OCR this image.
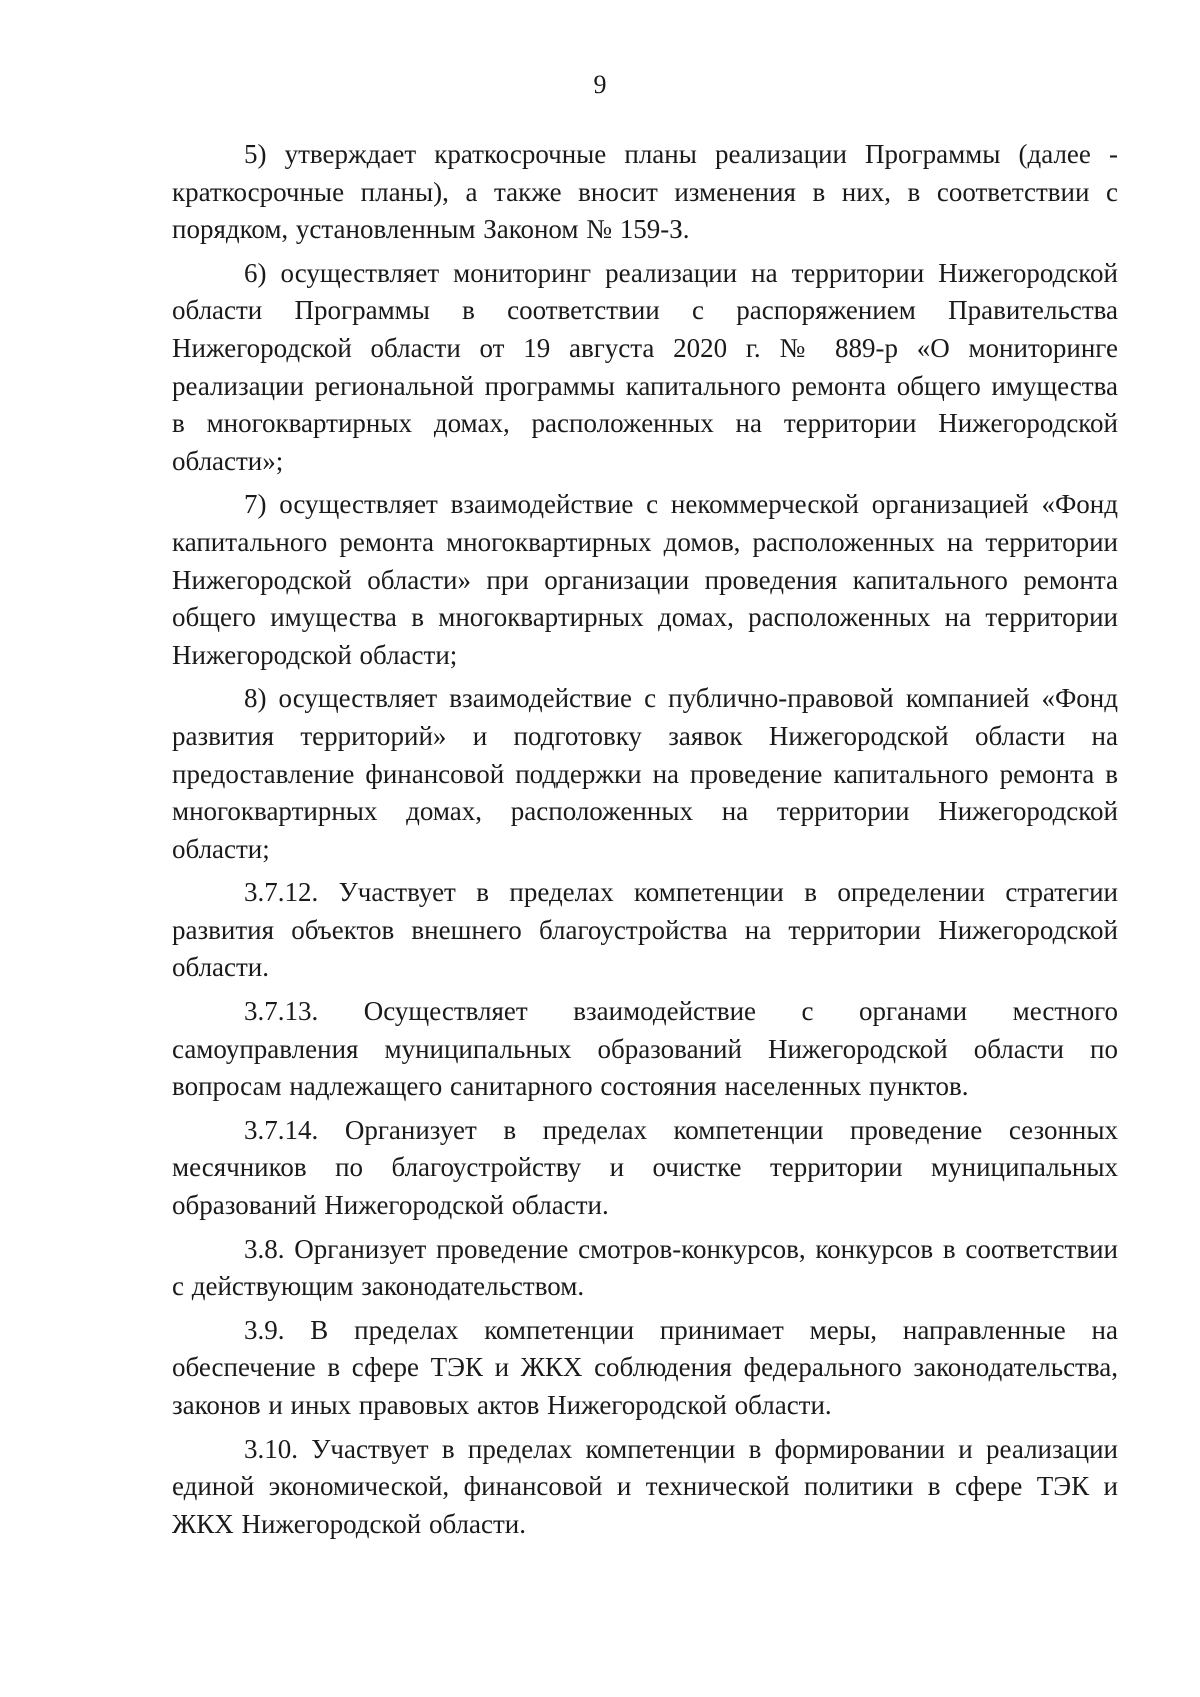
9

5) утверждает краткосрочные планы реализации Программы (далее - краткосрочные планы), а также вносит изменения в них, в соответствии с порядком, установленным Законом № 159-З.

6) осуществляет мониторинг реализации на территории Нижегородской области Программы в соответствии с распоряжением Правительства Нижегородской области от 19 августа 2020 г. № 889-р «О мониторинге реализации региональной программы капитального ремонта общего имущества в многоквартирных домах, расположенных на территории Нижегородской области»;

7) осуществляет взаимодействие с некоммерческой организацией «Фонд капитального ремонта многоквартирных домов, расположенных на территории Нижегородской области» при организации проведения капитального ремонта общего имущества в многоквартирных домах, расположенных на территории Нижегородской области;

8) осуществляет взаимодействие с публично-правовой компанией «Фонд развития территорий» и подготовку заявок Нижегородской области на предоставление финансовой поддержки на проведение капитального ремонта в многоквартирных домах, расположенных на территории Нижегородской области;

3.7.12. Участвует в пределах компетенции в определении стратегии развития объектов внешнего благоустройства на территории Нижегородской области.

3.7.13. Осуществляет взаимодействие с органами местного самоуправления муниципальных образований Нижегородской области по вопросам надлежащего санитарного состояния населенных пунктов.

3.7.14. Организует в пределах компетенции проведение сезонных месячников по благоустройству и очистке территории муниципальных образований Нижегородской области.

3.8. Организует проведение смотров-конкурсов, конкурсов в соответствии с действующим законодательством.

3.9. В пределах компетенции принимает меры, направленные на обеспечение в сфере ТЭК и ЖКХ соблюдения федерального законодательства, законов и иных правовых актов Нижегородской области.

3.10. Участвует в пределах компетенции в формировании и реализации единой экономической, финансовой и технической политики в сфере ТЭК и ЖКХ Нижегородской области.
